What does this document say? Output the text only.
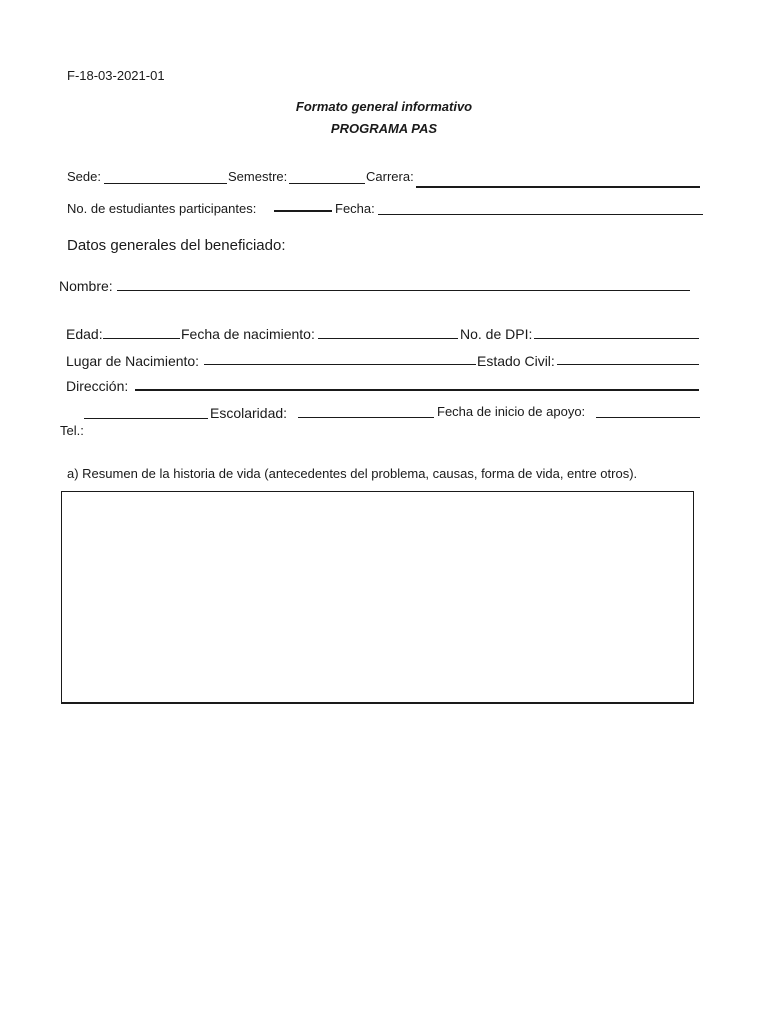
F-18-03-2021-01
Formato general informativo
PROGRAMA PAS
Sede:	Semestre:	Carrera:
No. de estudiantes participantes:	Fecha:
Datos generales del beneficiado:
Nombre:
Edad:	Fecha de nacimiento:	No. de DPI:
Lugar de Nacimiento:	Estado Civil:
Dirección:
Escolaridad:	Fecha de inicio de apoyo:
Tel.:
a) Resumen de la historia de vida (antecedentes del problema, causas, forma de vida, entre otros).
